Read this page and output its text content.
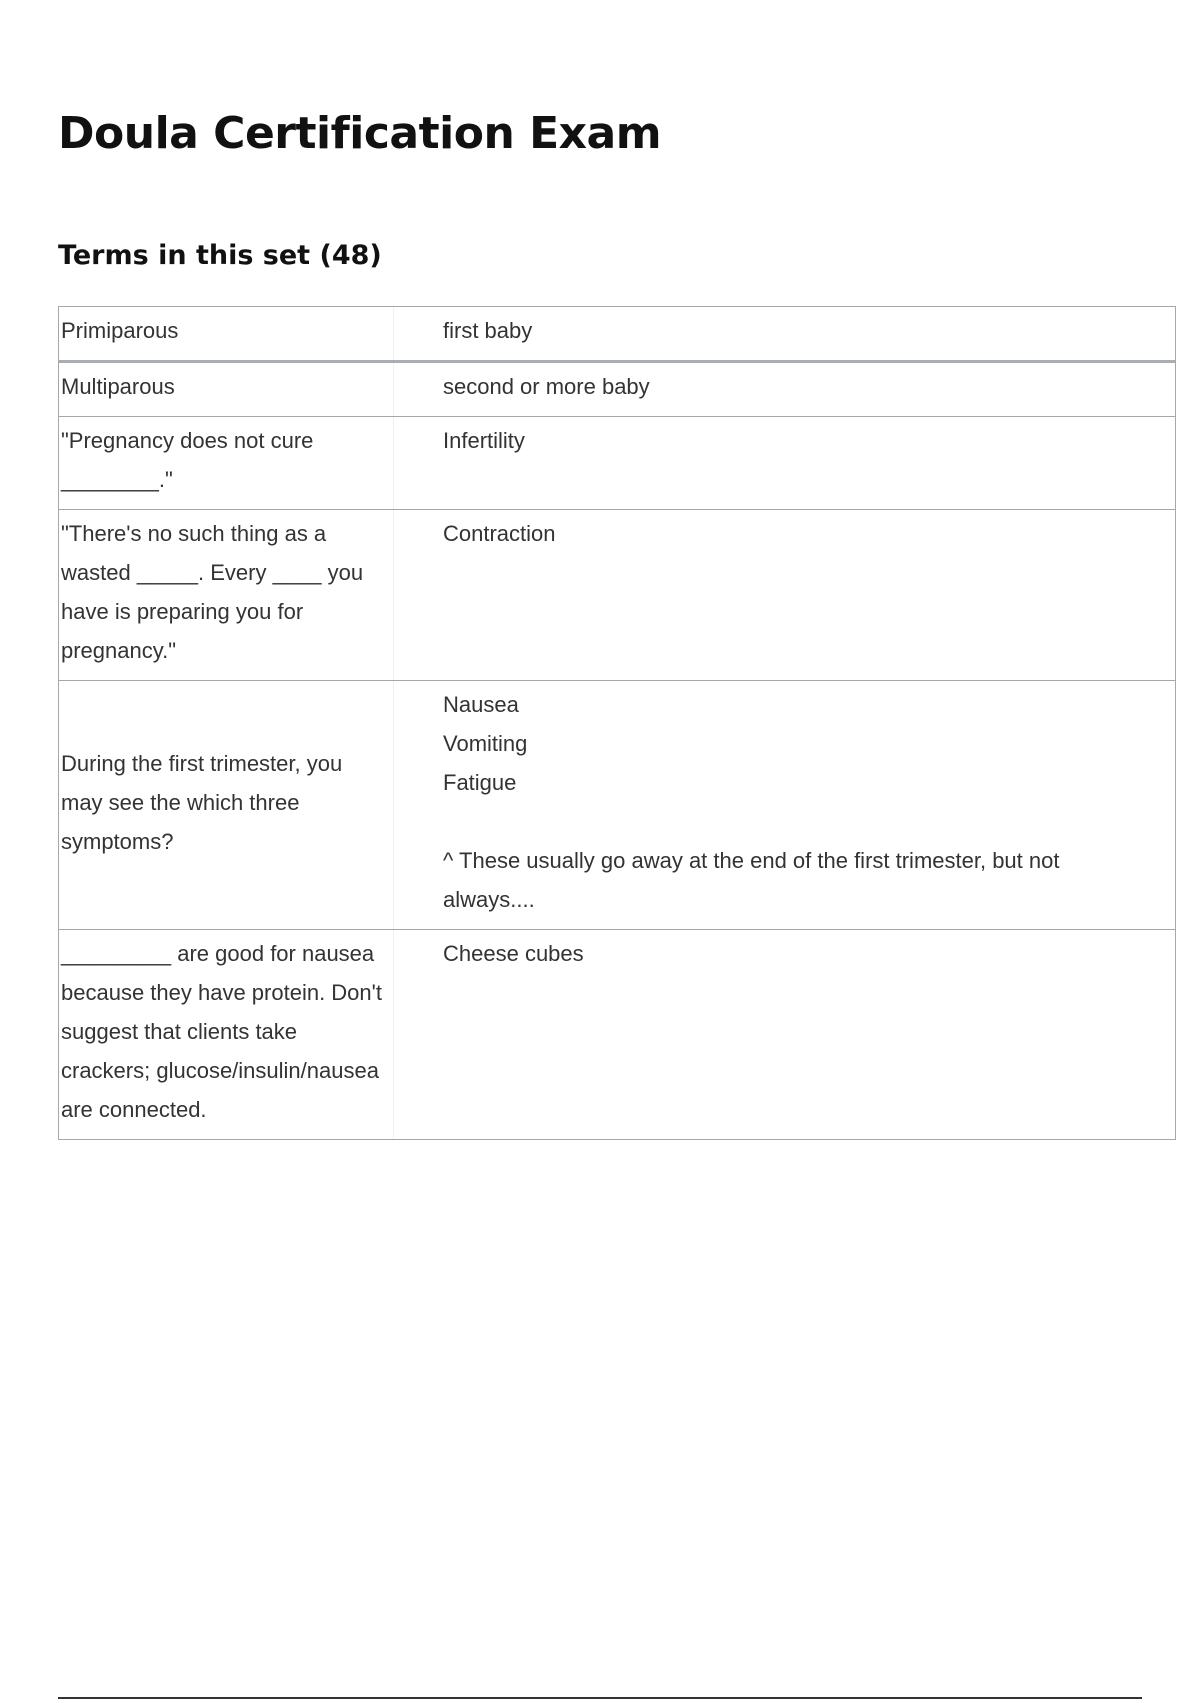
Doula Certification Exam
Terms in this set (48)
Primiparous	first baby
Multiparous	second or more baby
"Pregnancy does not cure ________."
Infertility
"There's no such thing as a wasted _____. Every ____ you have is preparing you for pregnancy."
Contraction
During the first trimester, you may see the which three symptoms?
Nausea
Vomiting
Fatigue
^ These usually go away at the end of the first trimester, but not always....
_________ are good for nausea because they have protein. Don't suggest that clients take crackers; glucose/insulin/nausea are connected.
Cheese cubes
